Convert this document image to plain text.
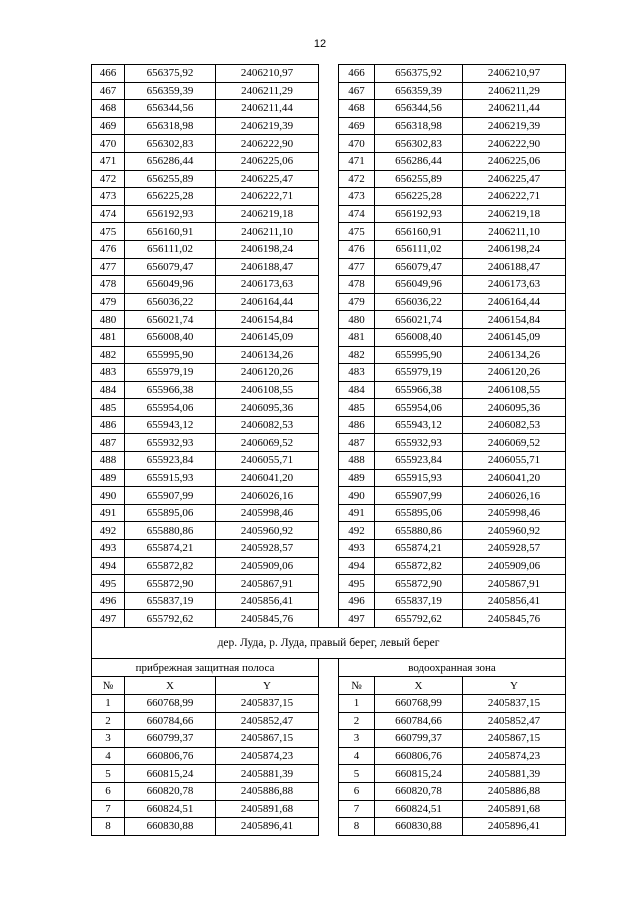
12
466	656375,92	2406210,97		466	656375,92	2406210,97
467	656359,39	2406211,29		467	656359,39	2406211,29
468	656344,56	2406211,44		468	656344,56	2406211,44
469	656318,98	2406219,39		469	656318,98	2406219,39
470	656302,83	2406222,90		470	656302,83	2406222,90
471	656286,44	2406225,06		471	656286,44	2406225,06
472	656255,89	2406225,47		472	656255,89	2406225,47
473	656225,28	2406222,71		473	656225,28	2406222,71
474	656192,93	2406219,18		474	656192,93	2406219,18
475	656160,91	2406211,10		475	656160,91	2406211,10
476	656111,02	2406198,24		476	656111,02	2406198,24
477	656079,47	2406188,47		477	656079,47	2406188,47
478	656049,96	2406173,63		478	656049,96	2406173,63
479	656036,22	2406164,44		479	656036,22	2406164,44
480	656021,74	2406154,84		480	656021,74	2406154,84
481	656008,40	2406145,09		481	656008,40	2406145,09
482	655995,90	2406134,26		482	655995,90	2406134,26
483	655979,19	2406120,26		483	655979,19	2406120,26
484	655966,38	2406108,55		484	655966,38	2406108,55
485	655954,06	2406095,36		485	655954,06	2406095,36
486	655943,12	2406082,53		486	655943,12	2406082,53
487	655932,93	2406069,52		487	655932,93	2406069,52
488	655923,84	2406055,71		488	655923,84	2406055,71
489	655915,93	2406041,20		489	655915,93	2406041,20
490	655907,99	2406026,16		490	655907,99	2406026,16
491	655895,06	2405998,46		491	655895,06	2405998,46
492	655880,86	2405960,92		492	655880,86	2405960,92
493	655874,21	2405928,57		493	655874,21	2405928,57
494	655872,82	2405909,06		494	655872,82	2405909,06
495	655872,90	2405867,91		495	655872,90	2405867,91
496	655837,19	2405856,41		496	655837,19	2405856,41
497	655792,62	2405845,76		497	655792,62	2405845,76
дер. Луда, р. Луда, правый берег, левый берег						
прибрежная защитная полоса				водоохранная зона		
№	X	Y		№	X	Y
1	660768,99	2405837,15		1	660768,99	2405837,15
2	660784,66	2405852,47		2	660784,66	2405852,47
3	660799,37	2405867,15		3	660799,37	2405867,15
4	660806,76	2405874,23		4	660806,76	2405874,23
5	660815,24	2405881,39		5	660815,24	2405881,39
6	660820,78	2405886,88		6	660820,78	2405886,88
7	660824,51	2405891,68		7	660824,51	2405891,68
8	660830,88	2405896,41		8	660830,88	2405896,41
